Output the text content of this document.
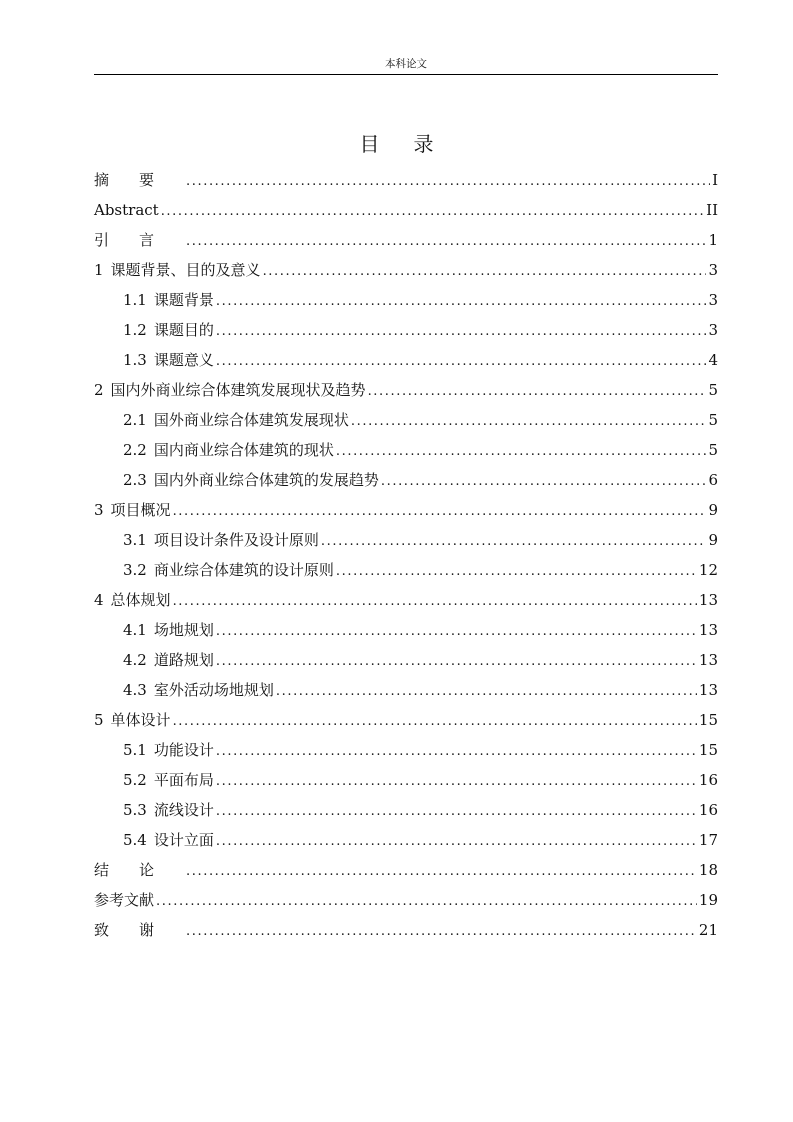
本科论文
目录
摘要 .....	I
Abstract .....	II
引言 .....	1
1 课题背景、目的及意义 .....	3
1.1 课题背景 .....	3
1.2 课题目的 .....	3
1.3 课题意义 .....	4
2 国内外商业综合体建筑发展现状及趋势 .....	5
2.1 国外商业综合体建筑发展现状 .....	5
2.2 国内商业综合体建筑的现状 .....	5
2.3 国内外商业综合体建筑的发展趋势 .....	6
3 项目概况 .....	9
3.1 项目设计条件及设计原则 .....	9
3.2 商业综合体建筑的设计原则 .....	12
4 总体规划 .....	13
4.1 场地规划 .....	13
4.2 道路规划 .....	13
4.3 室外活动场地规划 .....	13
5 单体设计 .....	15
5.1 功能设计 .....	15
5.2 平面布局 .....	16
5.3 流线设计 .....	16
5.4 设计立面 .....	17
结论 .....	18
参考文献 .....	19
致谢 .....	21
